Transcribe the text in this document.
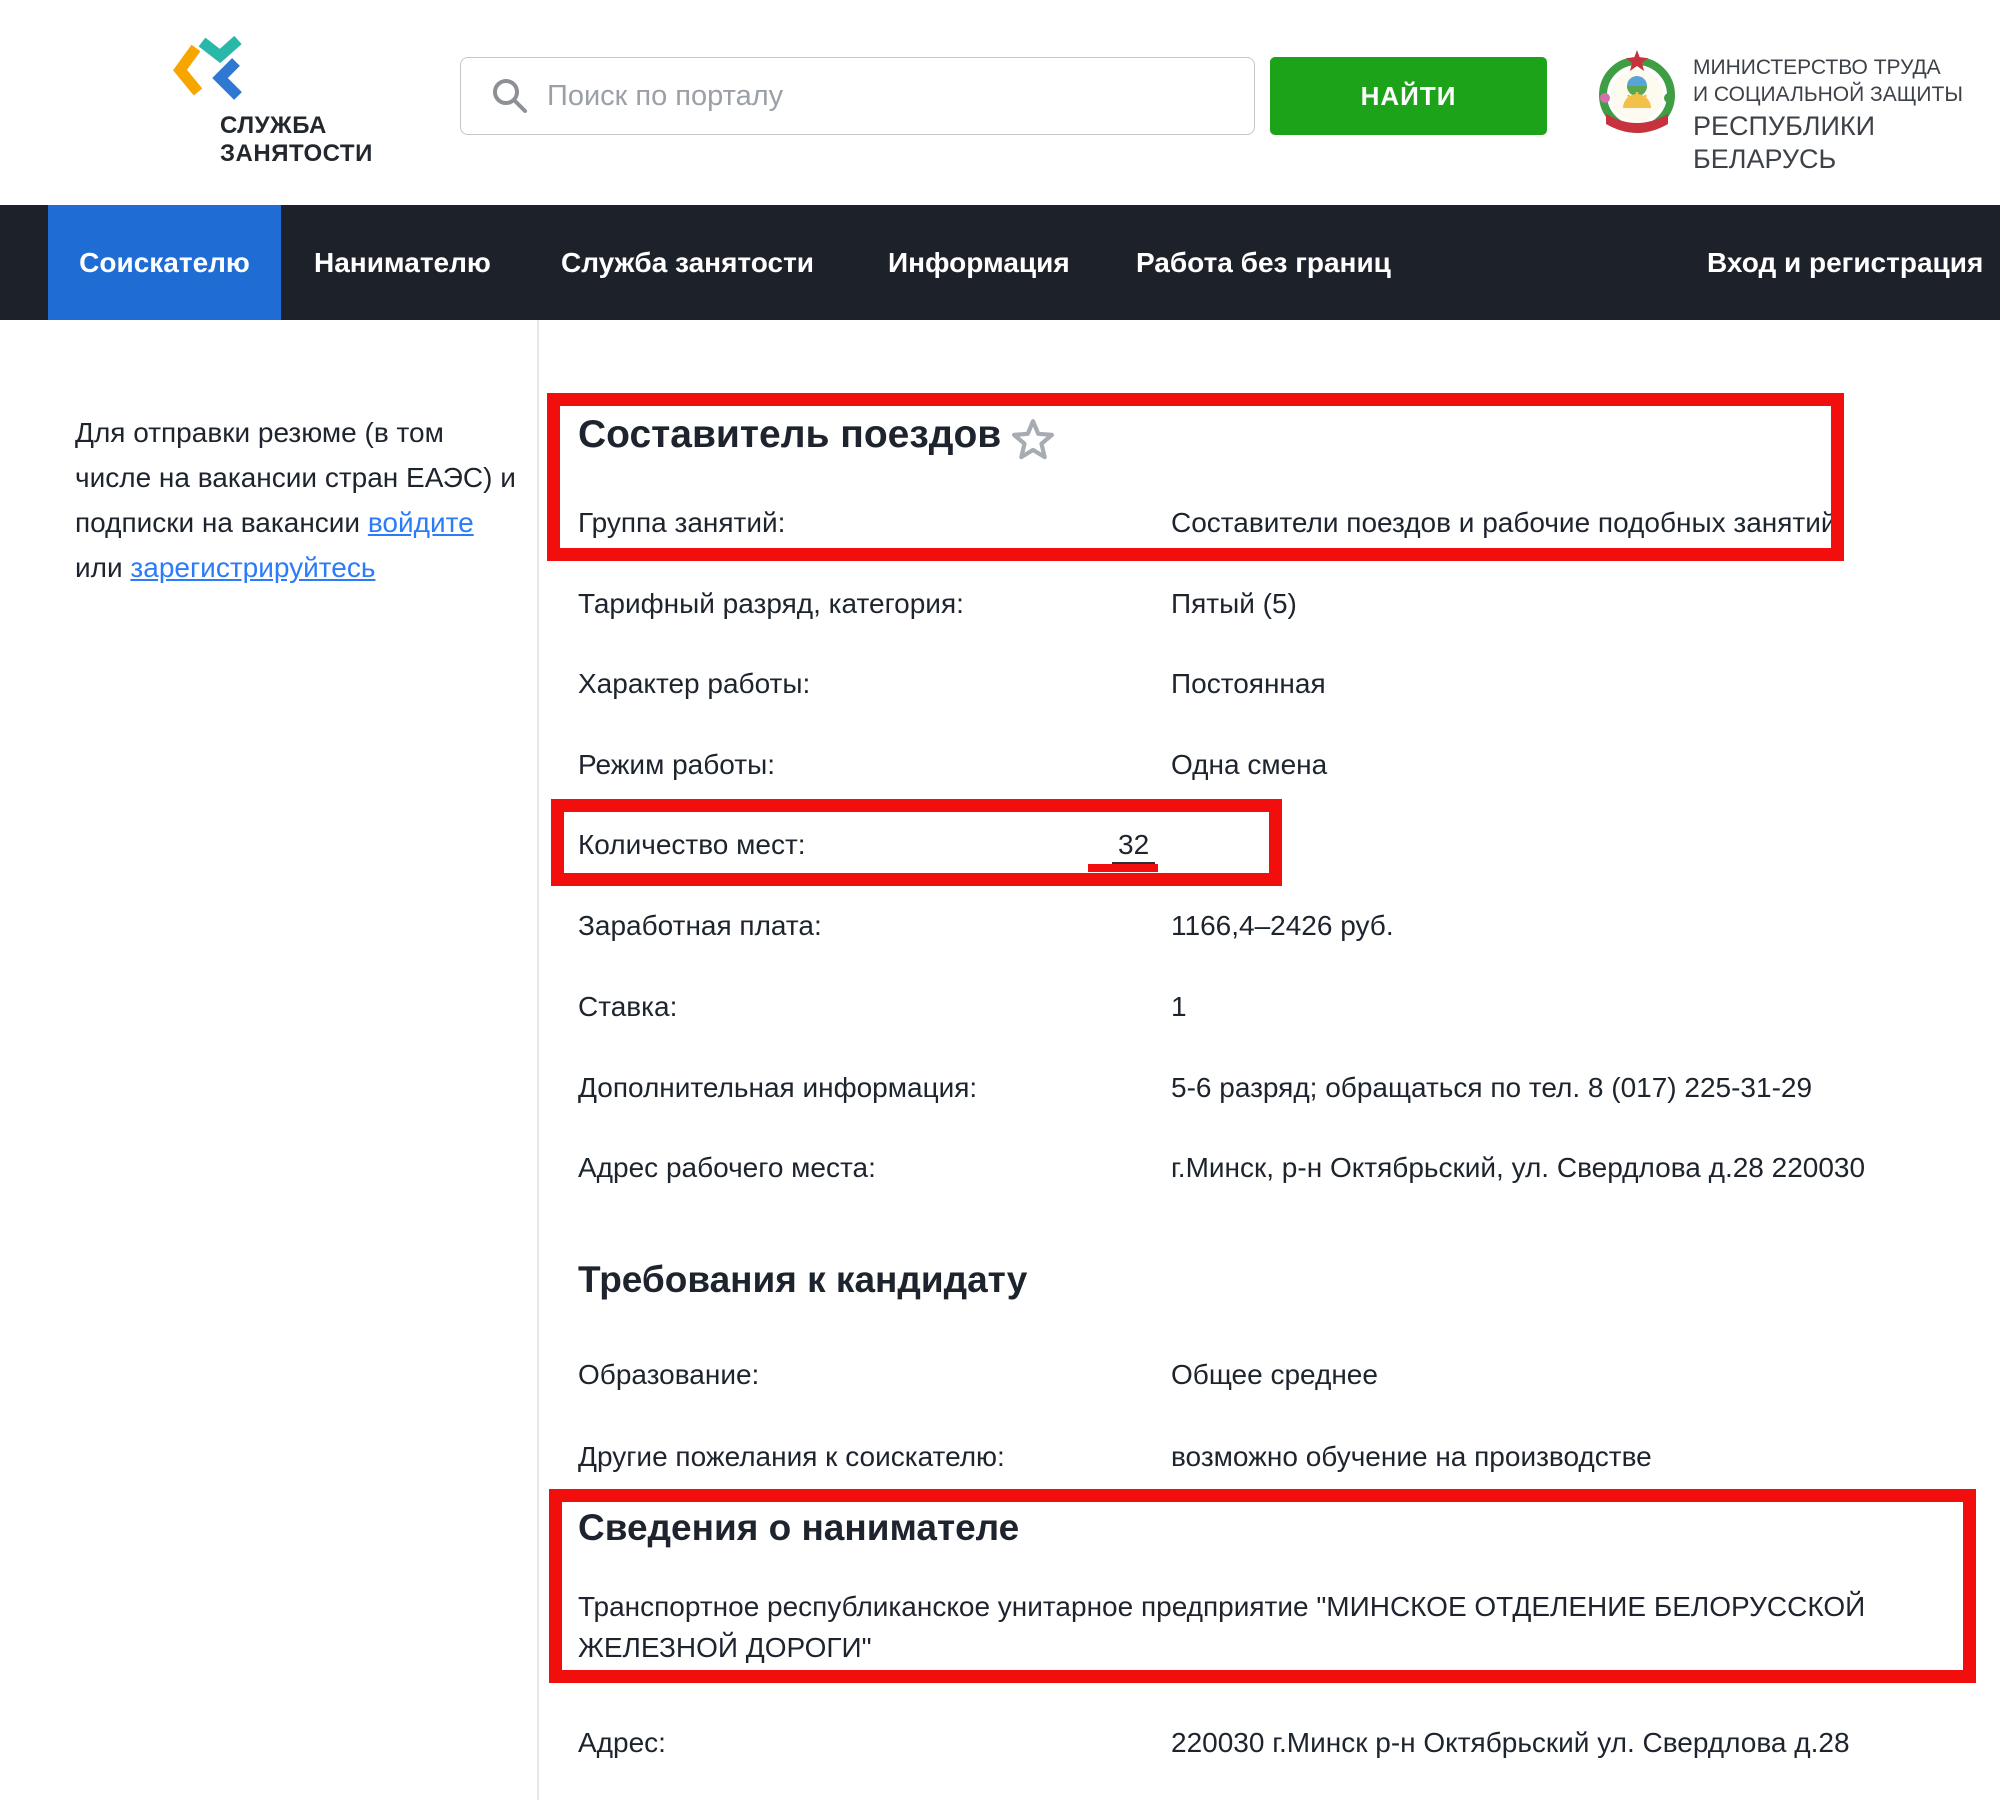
СЛУЖБА
ЗАНЯТОСТИ
Поиск по порталу
НАЙТИ
МИНИСТЕРСТВО ТРУДА
И СОЦИАЛЬНОЙ ЗАЩИТЫ
РЕСПУБЛИКИ БЕЛАРУСЬ
Соискателю	Нанимателю	Служба занятости	Информация Работа без границ	Вход и регистрация
Для отправки резюме (в том
числе на вакансии стран ЕАЭС) и
подписки на вакансии войдите
или зарегистрируйтесь
Составитель поездов
Группа занятий:	Составители поездов и рабочие подобных занятий
Тарифный разряд, категория:	Пятый (5)
Характер работы:	Постоянная
Режим работы:	Одна смена
Количество мест:	32
Заработная плата:	1166,4–2426 руб.
Ставка:	1
Дополнительная информация:	5-6 разряд; обращаться по тел. 8 (017) 225-31-29
Адрес рабочего места:	г.Минск, р-н Октябрьский, ул. Свердлова д.28 220030
Требования к кандидату
Образование:	Общее среднее
Другие пожелания к соискателю:	возможно обучение на производстве
Сведения о нанимателе
Транспортное республиканское унитарное предприятие "МИНСКОЕ ОТДЕЛЕНИЕ БЕЛОРУССКОЙ ЖЕЛЕЗНОЙ ДОРОГИ"
Адрес:	220030 г.Минск р-н Октябрьский ул. Свердлова д.28
